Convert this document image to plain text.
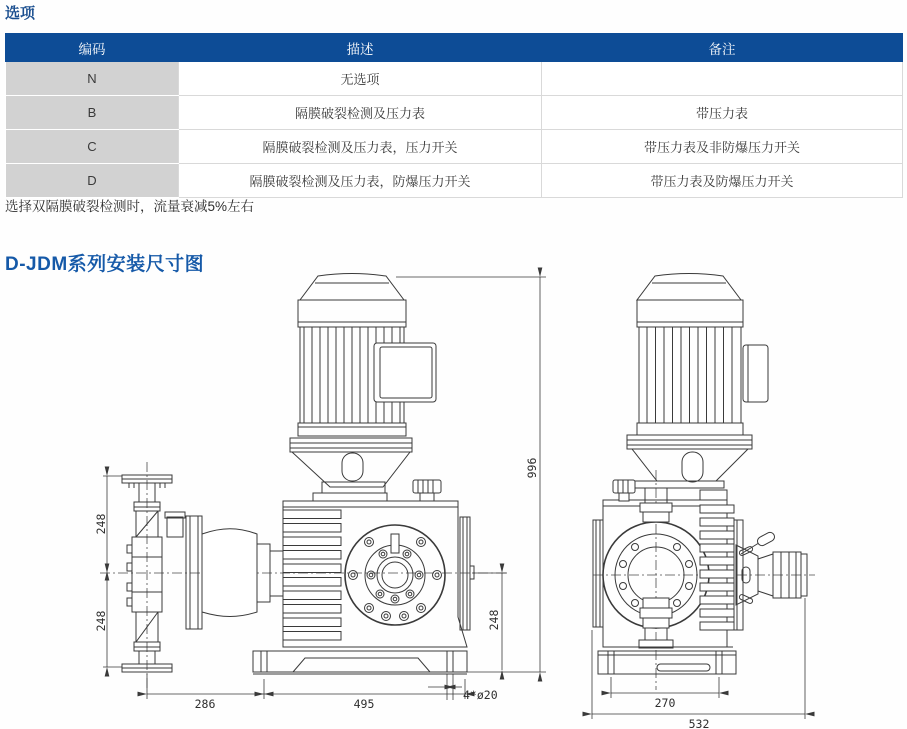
选项
编码	描述	备注
N	无选项	
B	隔膜破裂检测及压力表	带压力表
C	隔膜破裂检测及压力表，压力开关	带压力表及非防爆压力开关
D	隔膜破裂检测及压力表，防爆压力开关	带压力表及防爆压力开关

选择双隔膜破裂检测时，流量衰减5%左右

D-JDM系列安装尺寸图
248
248
996
248
286	495
4*ø20
270
532
